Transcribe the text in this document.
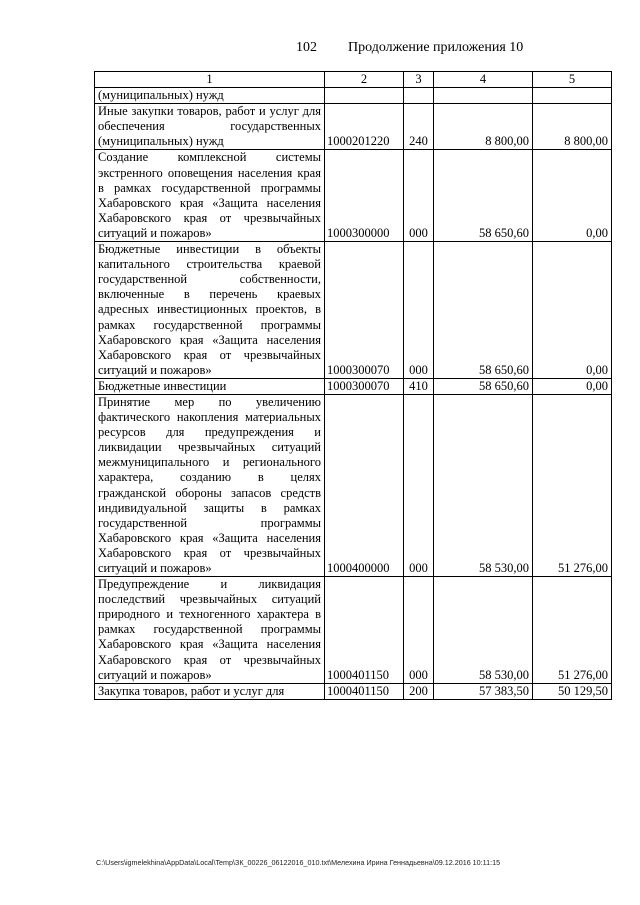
102 Продолжение приложения 10
1	2	3	4	5
(муниципальных) нужд				
Иные закупки товаров, работ и услуг для обеспечения государственных (муниципальных) нужд	1000201220	240	8 800,00	8 800,00
Создание комплексной системы экстренного оповещения населения края в рамках государственной программы Хабаровского края «Защита населения Хабаровского края от чрезвычайных ситуаций и пожаров»	1000300000	000	58 650,60	0,00
Бюджетные инвестиции в объекты капитального строительства краевой государственной собственности, включенные в перечень краевых адресных инвестиционных проектов, в рамках государственной программы Хабаровского края «Защита населения Хабаровского края от чрезвычайных ситуаций и пожаров»	1000300070	000	58 650,60	0,00
Бюджетные инвестиции	1000300070	410	58 650,60	0,00
Принятие мер по увеличению фактического накопления материальных ресурсов для предупреждения и ликвидации чрезвычайных ситуаций межмуниципального и регионального характера, созданию в целях гражданской обороны запасов средств индивидуальной защиты в рамках государственной программы Хабаровского края «Защита населения Хабаровского края от чрезвычайных ситуаций и пожаров»	1000400000	000	58 530,00	51 276,00
Предупреждение и ликвидация последствий чрезвычайных ситуаций природного и техногенного характера в рамках государственной программы Хабаровского края «Защита населения Хабаровского края от чрезвычайных ситуаций и пожаров»	1000401150	000	58 530,00	51 276,00
Закупка товаров, работ и услуг для	1000401150	200	57 383,50	50 129,50
C:\Users\igmelekhina\AppData\Local\Temp\ЗК_00226_06122016_010.txt\Мелехина Ирина Геннадьевна\09.12.2016 10:11:15
